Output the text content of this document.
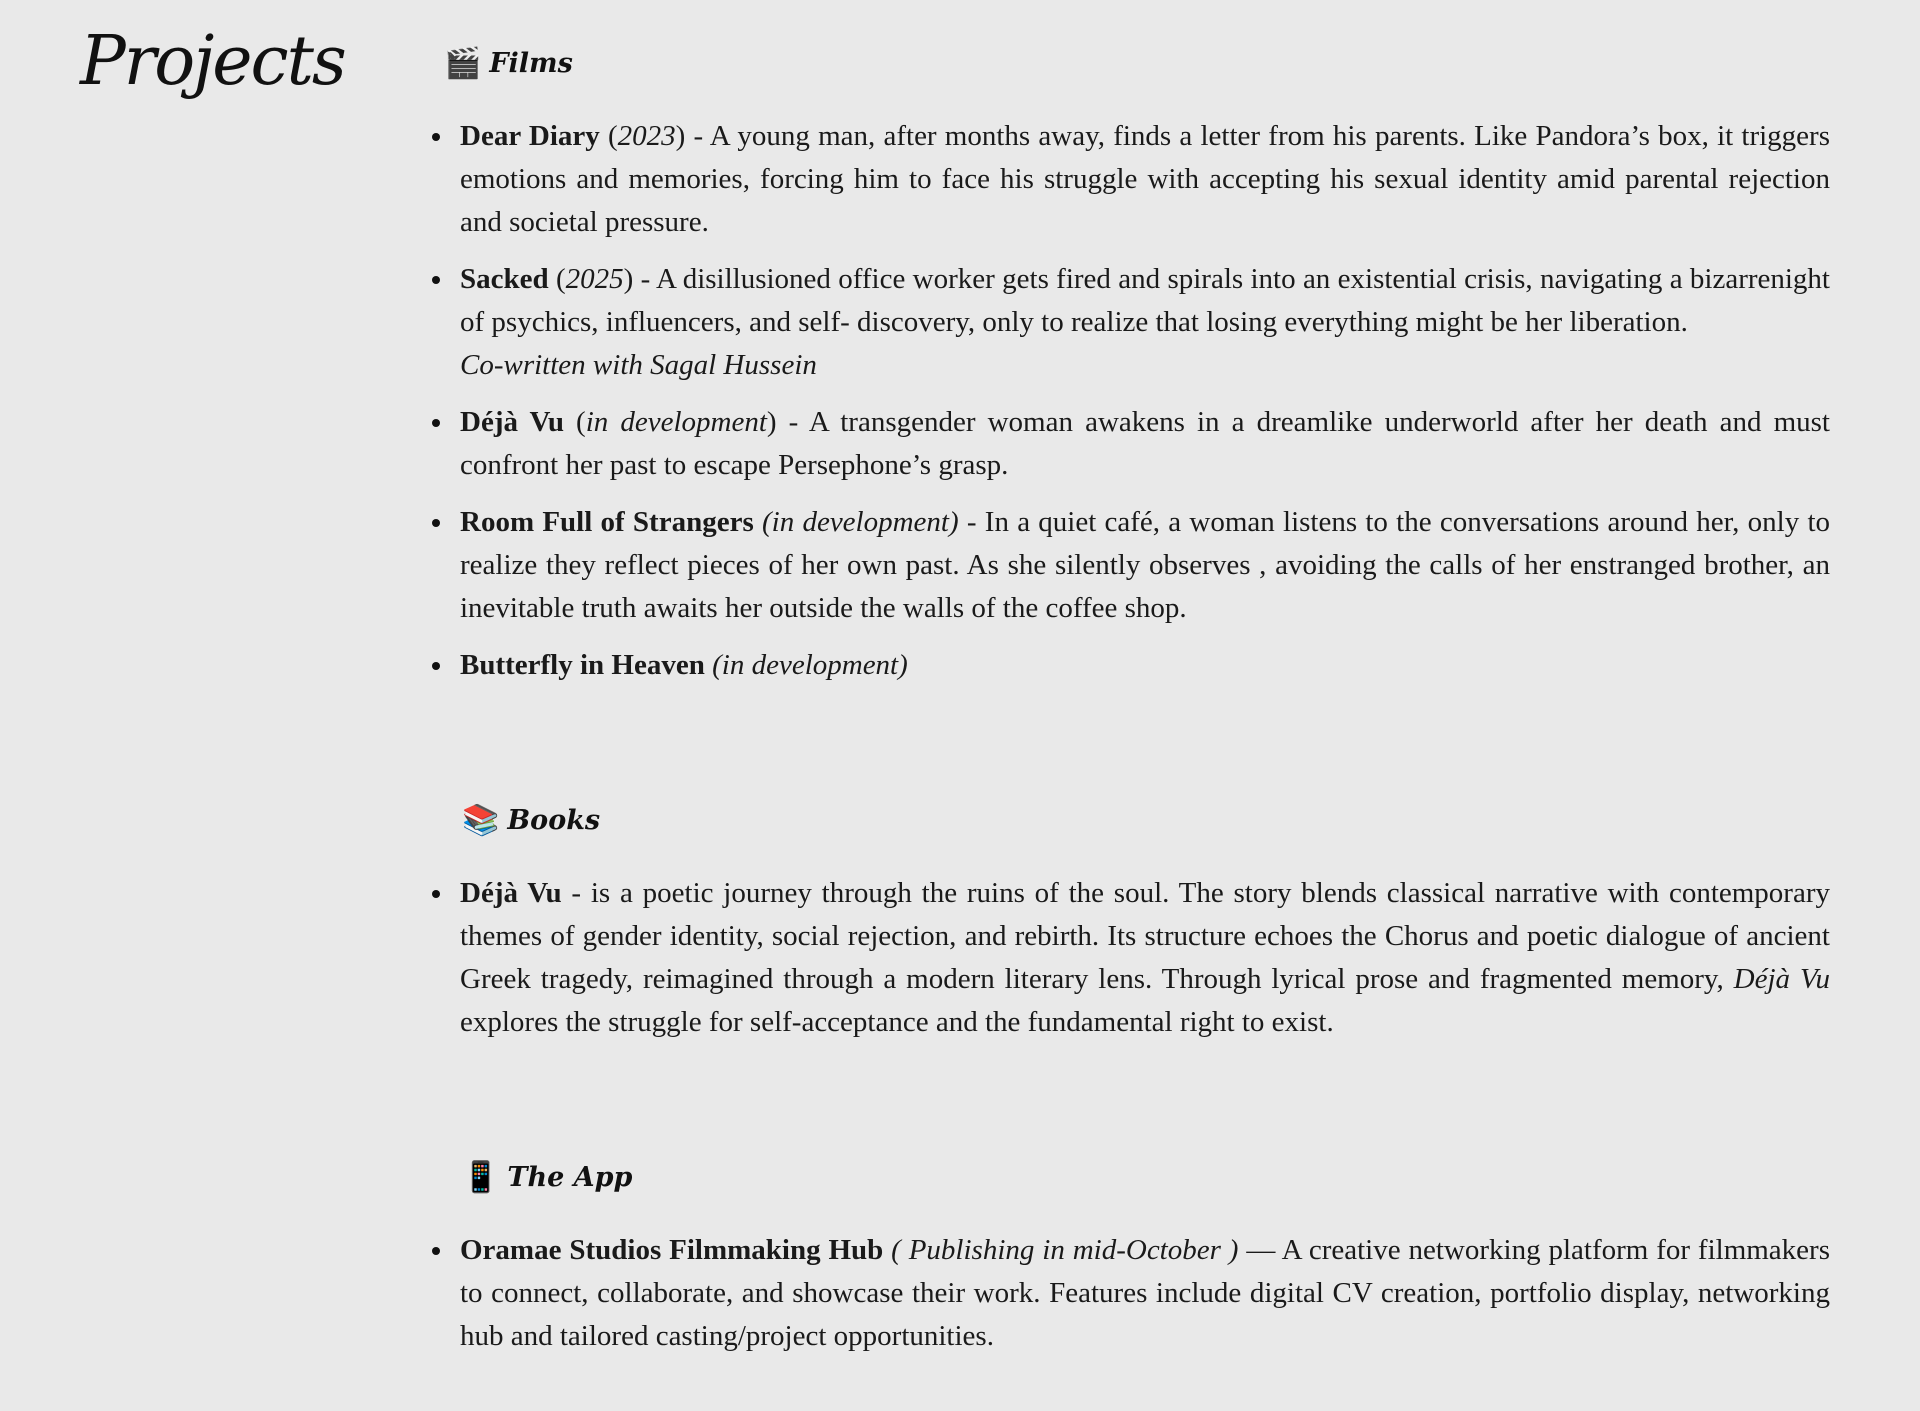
Projects	🎬 Films
Dear Diary (2023) - A young man, after months away, finds a letter from his parents. Like Pandora’s box, it triggers emotions and memories, forcing him to face his struggle with accepting his sexual identity amid parental rejection and societal pressure.
Sacked (2025) - A disillusioned office worker gets fired and spirals into an existential crisis, navigating a bizarrenight of psychics, influencers, and self- discovery, only to realize that losing everything might be her liberation.
Co-written with Sagal Hussein
Déjà Vu (in development) - A transgender woman awakens in a dreamlike underworld after her death and must confront her past to escape Persephone’s grasp.
Room Full of Strangers (in development) - In a quiet café, a woman listens to the conversations around her, only to realize they reflect pieces of her own past. As she silently observes , avoiding the calls of her enstranged brother, an inevitable truth awaits her outside the walls of the coffee shop.
Butterfly in Heaven (in development)
📚 Books
Déjà Vu - is a poetic journey through the ruins of the soul. The story blends classical narrative with contemporary themes of gender identity, social rejection, and rebirth. Its structure echoes the Chorus and poetic dialogue of ancient Greek tragedy, reimagined through a modern literary lens. Through lyrical prose and fragmented memory, Déjà Vu explores the struggle for self-acceptance and the fundamental right to exist.
📱 The App
Oramae Studios Filmmaking Hub ( Publishing in mid-October ) — A creative networking platform for filmmakers to connect, collaborate, and showcase their work. Features include digital CV creation, portfolio display, networking hub and tailored casting/project opportunities.
